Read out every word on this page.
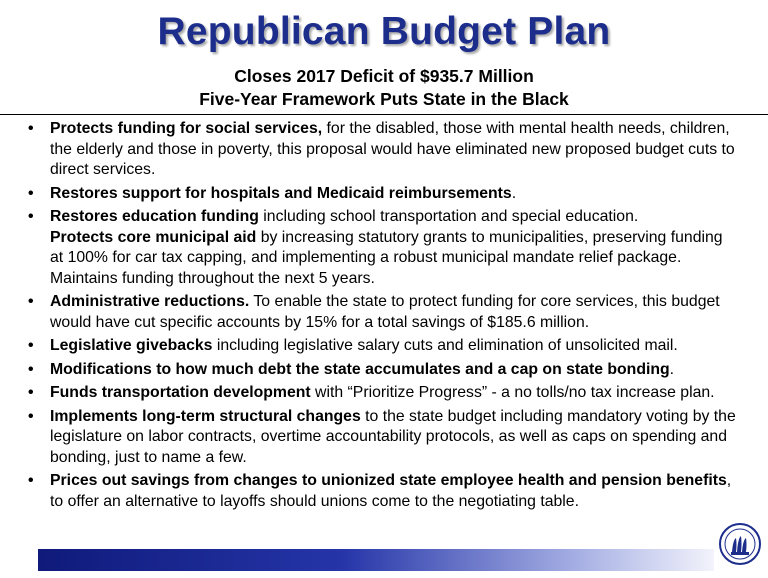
Republican Budget Plan
Closes 2017 Deficit of $935.7 Million
Five-Year Framework Puts State in the Black
• Protects funding for social services, for the disabled, those with mental health needs, children, the elderly and those in poverty, this proposal would have eliminated new proposed budget cuts to direct services.
• Restores support for hospitals and Medicaid reimbursements.
• Restores education funding including school transportation and special education.
Protects core municipal aid by increasing statutory grants to municipalities, preserving funding at 100% for car tax capping, and implementing a robust municipal mandate relief package. Maintains funding throughout the next 5 years.
• Administrative reductions. To enable the state to protect funding for core services, this budget would have cut specific accounts by 15% for a total savings of $185.6 million.
• Legislative givebacks including legislative salary cuts and elimination of unsolicited mail.
• Modifications to how much debt the state accumulates and a cap on state bonding.
• Funds transportation development with “Prioritize Progress” - a no tolls/no tax increase plan.
• Implements long-term structural changes to the state budget including mandatory voting by the legislature on labor contracts, overtime accountability protocols, as well as caps on spending and bonding, just to name a few.
• Prices out savings from changes to unionized state employee health and pension benefits, to offer an alternative to layoffs should unions come to the negotiating table.
